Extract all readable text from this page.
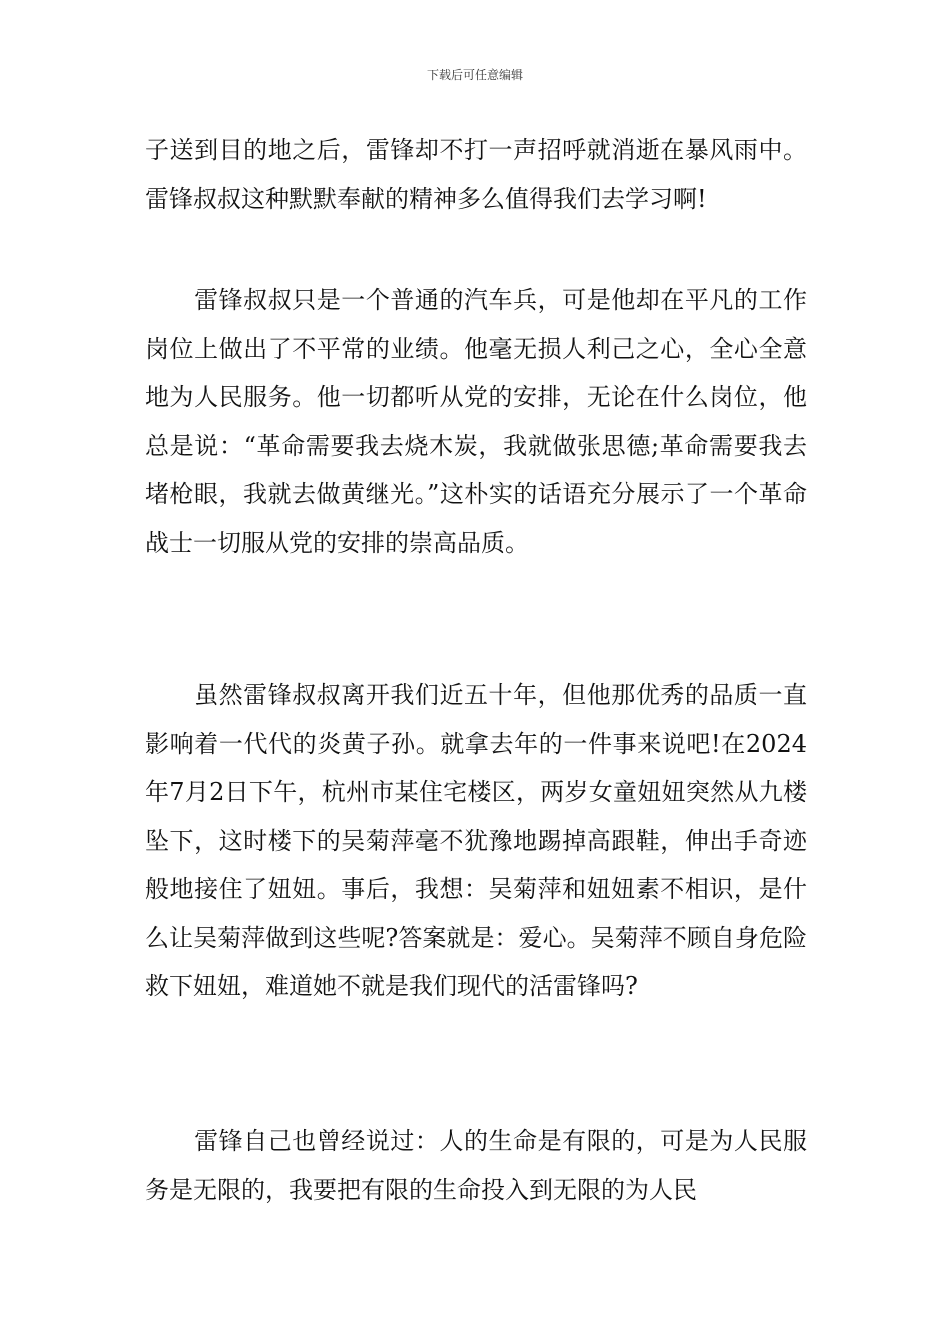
下载后可任意编辑

子送到目的地之后，雷锋却不打一声招呼就消逝在暴风雨中。雷锋叔叔这种默默奉献的精神多么值得我们去学习啊!

　　雷锋叔叔只是一个普通的汽车兵，可是他却在平凡的工作岗位上做出了不平常的业绩。他毫无损人利己之心，全心全意地为人民服务。他一切都听从党的安排，无论在什么岗位，他总是说：“革命需要我去烧木炭，我就做张思德;革命需要我去堵枪眼，我就去做黄继光。”这朴实的话语充分展示了一个革命战士一切服从党的安排的崇高品质。

　　虽然雷锋叔叔离开我们近五十年，但他那优秀的品质一直影响着一代代的炎黄子孙。就拿去年的一件事来说吧!在2024年7月2日下午，杭州市某住宅楼区，两岁女童妞妞突然从九楼坠下，这时楼下的吴菊萍毫不犹豫地踢掉高跟鞋，伸出手奇迹般地接住了妞妞。事后，我想：吴菊萍和妞妞素不相识，是什么让吴菊萍做到这些呢?答案就是：爱心。吴菊萍不顾自身危险救下妞妞，难道她不就是我们现代的活雷锋吗?

　　雷锋自己也曾经说过：人的生命是有限的，可是为人民服务是无限的，我要把有限的生命投入到无限的为人民
